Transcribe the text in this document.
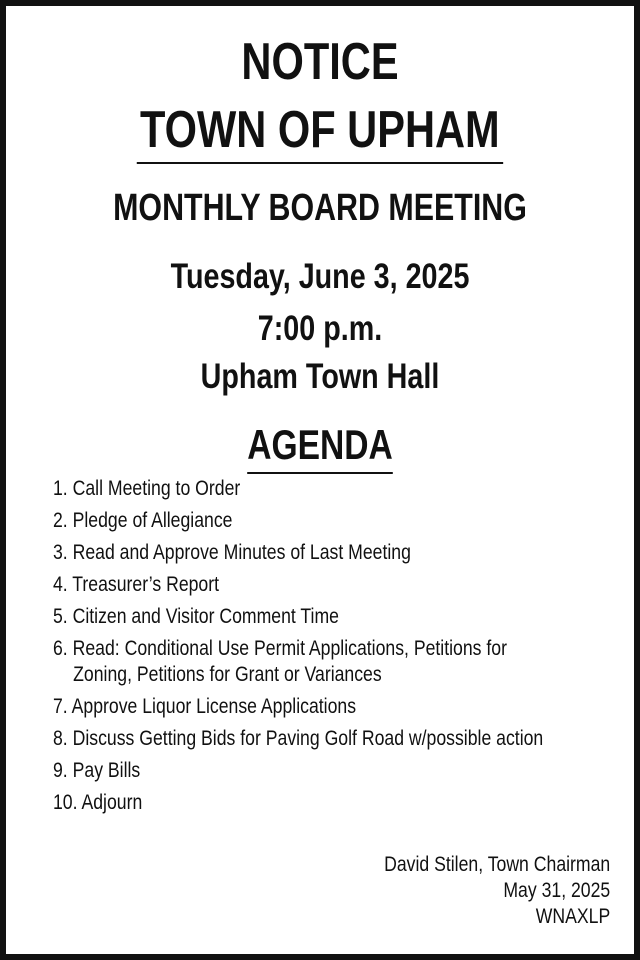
NOTICE
TOWN OF UPHAM
MONTHLY BOARD MEETING
Tuesday, June 3, 2025
7:00 p.m.
Upham Town Hall
AGENDA
1. Call Meeting to Order
2. Pledge of Allegiance
3. Read and Approve Minutes of Last Meeting
4. Treasurer’s Report
5. Citizen and Visitor Comment Time
6. Read: Conditional Use Permit Applications, Petitions for
Zoning, Petitions for Grant or Variances
7. Approve Liquor License Applications
8. Discuss Getting Bids for Paving Golf Road w/possible action
9. Pay Bills
10. Adjourn
David Stilen, Town Chairman
May 31, 2025
WNAXLP
